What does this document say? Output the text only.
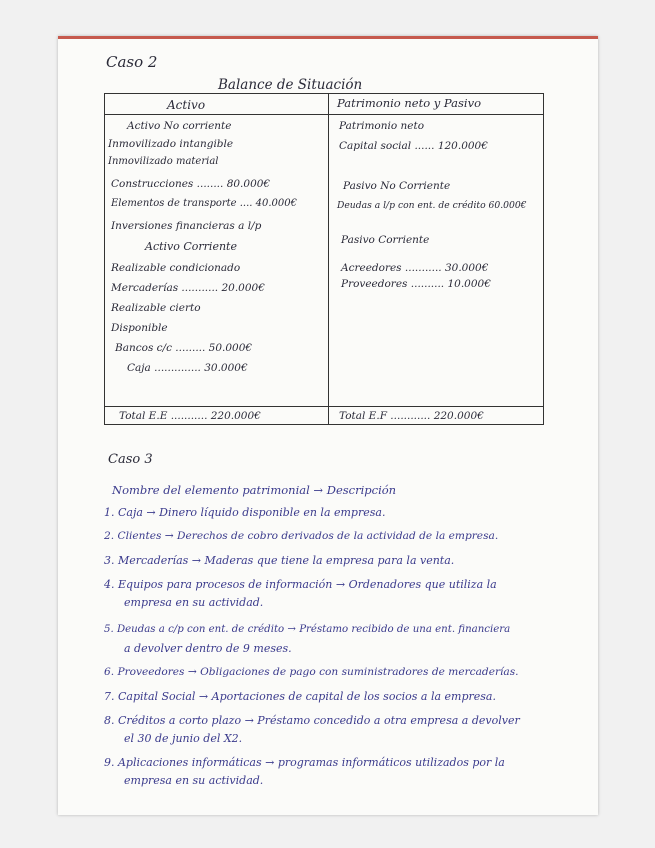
Caso 2
Balance de Situación
Activo	Patrimonio neto y Pasivo
Activo No corriente
Inmovilizado intangible
Inmovilizado material
Construcciones ........ 80.000€
Elementos de transporte .... 40.000€
Inversiones financieras a l/p
Activo Corriente
Realizable condicionado
Mercaderías ........... 20.000€
Realizable cierto
Disponible
Bancos c/c ......... 50.000€
Caja .............. 30.000€
Patrimonio neto
Capital social ...... 120.000€
Pasivo No Corriente
Deudas a l/p con ent. de crédito 60.000€
Pasivo Corriente
Acreedores ........... 30.000€
Proveedores .......... 10.000€
Total E.E ........... 220.000€	Total E.F ............ 220.000€
Caso 3
Nombre del elemento patrimonial → Descripción
1. Caja → Dinero líquido disponible en la empresa.
2. Clientes → Derechos de cobro derivados de la actividad de la empresa.
3. Mercaderías → Maderas que tiene la empresa para la venta.
4. Equipos para procesos de información → Ordenadores que utiliza la
empresa en su actividad.
5. Deudas a c/p con ent. de crédito → Préstamo recibido de una ent. financiera
a devolver dentro de 9 meses.
6. Proveedores → Obligaciones de pago con suministradores de mercaderías.
7. Capital Social → Aportaciones de capital de los socios a la empresa.
8. Créditos a corto plazo → Préstamo concedido a otra empresa a devolver
el 30 de junio del X2.
9. Aplicaciones informáticas → programas informáticos utilizados por la
empresa en su actividad.
